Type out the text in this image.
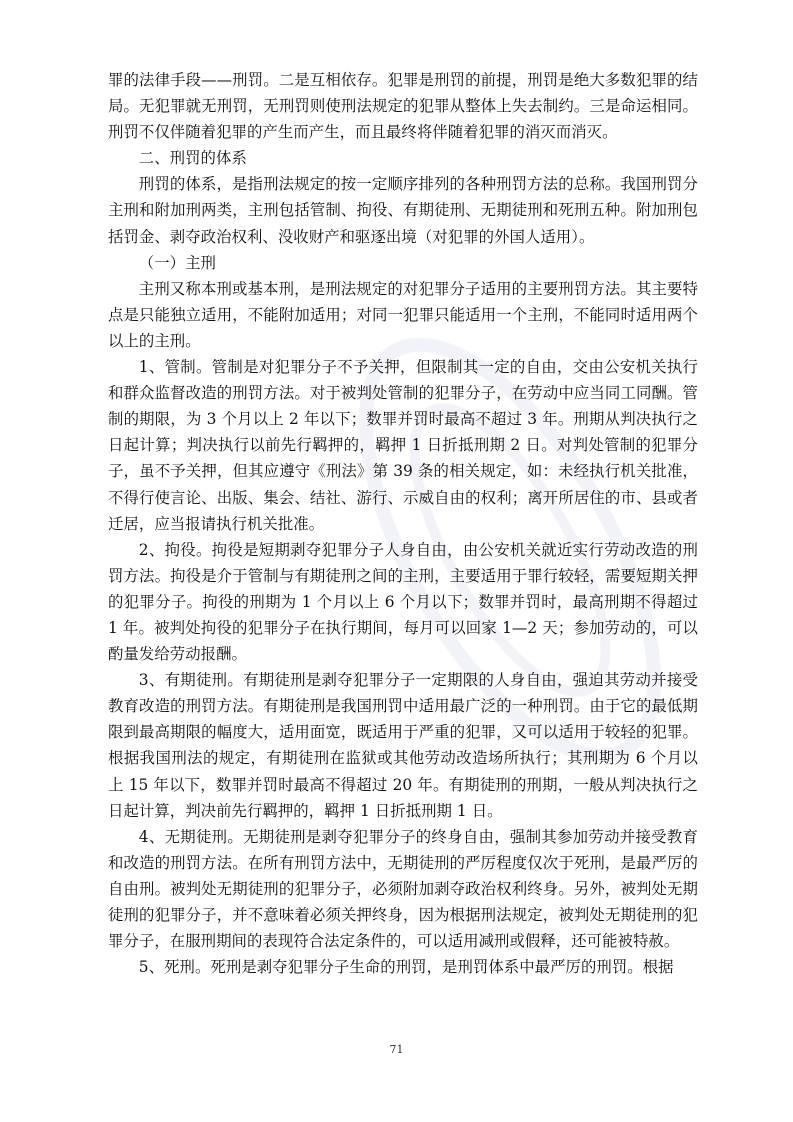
罪的法律手段——刑罚。二是互相依存。犯罪是刑罚的前提，刑罚是绝大多数犯罪的结局。无犯罪就无刑罚，无刑罚则使刑法规定的犯罪从整体上失去制约。三是命运相同。刑罚不仅伴随着犯罪的产生而产生，而且最终将伴随着犯罪的消灭而消灭。

二、刑罚的体系

刑罚的体系，是指刑法规定的按一定顺序排列的各种刑罚方法的总称。我国刑罚分主刑和附加刑两类，主刑包括管制、拘役、有期徒刑、无期徒刑和死刑五种。附加刑包括罚金、剥夺政治权利、没收财产和驱逐出境（对犯罪的外国人适用）。

（一）主刑

主刑又称本刑或基本刑，是刑法规定的对犯罪分子适用的主要刑罚方法。其主要特点是只能独立适用，不能附加适用；对同一犯罪只能适用一个主刑，不能同时适用两个以上的主刑。

1、管制。管制是对犯罪分子不予关押，但限制其一定的自由，交由公安机关执行和群众监督改造的刑罚方法。对于被判处管制的犯罪分子，在劳动中应当同工同酬。管制的期限，为 3 个月以上 2 年以下；数罪并罚时最高不超过 3 年。刑期从判决执行之日起计算；判决执行以前先行羁押的，羁押 1 日折抵刑期 2 日。对判处管制的犯罪分子，虽不予关押，但其应遵守《刑法》第 39 条的相关规定，如：未经执行机关批准，不得行使言论、出版、集会、结社、游行、示威自由的权利；离开所居住的市、县或者迁居，应当报请执行机关批准。

2、拘役。拘役是短期剥夺犯罪分子人身自由，由公安机关就近实行劳动改造的刑罚方法。拘役是介于管制与有期徒刑之间的主刑，主要适用于罪行较轻，需要短期关押的犯罪分子。拘役的刑期为 1 个月以上 6 个月以下；数罪并罚时，最高刑期不得超过 1 年。被判处拘役的犯罪分子在执行期间，每月可以回家 1—2 天；参加劳动的，可以酌量发给劳动报酬。

3、有期徒刑。有期徒刑是剥夺犯罪分子一定期限的人身自由，强迫其劳动并接受教育改造的刑罚方法。有期徒刑是我国刑罚中适用最广泛的一种刑罚。由于它的最低期限到最高期限的幅度大，适用面宽，既适用于严重的犯罪，又可以适用于较轻的犯罪。根据我国刑法的规定，有期徒刑在监狱或其他劳动改造场所执行；其刑期为 6 个月以上 15 年以下，数罪并罚时最高不得超过 20 年。有期徒刑的刑期，一般从判决执行之日起计算，判决前先行羁押的，羁押 1 日折抵刑期 1 日。

4、无期徒刑。无期徒刑是剥夺犯罪分子的终身自由，强制其参加劳动并接受教育和改造的刑罚方法。在所有刑罚方法中，无期徒刑的严厉程度仅次于死刑，是最严厉的自由刑。被判处无期徒刑的犯罪分子，必须附加剥夺政治权利终身。另外，被判处无期徒刑的犯罪分子，并不意味着必须关押终身，因为根据刑法规定，被判处无期徒刑的犯罪分子，在服刑期间的表现符合法定条件的，可以适用减刑或假释，还可能被特赦。

5、死刑。死刑是剥夺犯罪分子生命的刑罚，是刑罚体系中最严厉的刑罚。根据

71
